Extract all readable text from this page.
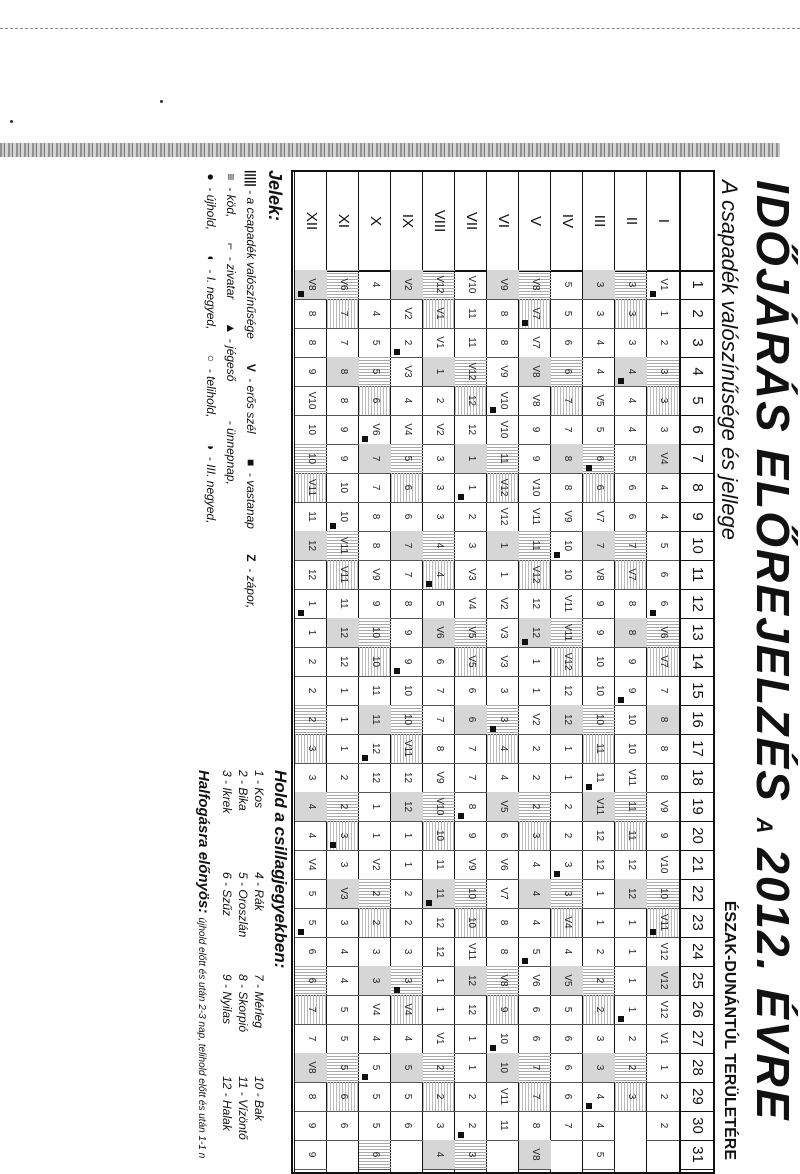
IDŐJÁRÁS ELŐREJELZÉS A 2012. ÉVRE
A csapadék valószínűsége és jellege
ÉSZAK-DUNÁNTÚL TERÜLETÉRE
1
2
3
4
5
6
7
8
9
10
11
12
13
14
15
16
17
18
19
20
21
22
23
24
25
26
27
28
29
30
31
I
V1
1
2
3
3
3
V4
4
4
5
6
6
V6
V7
7
8
8
8
V9
9
V10
10
V11
V12
V12
V12
V1
1
2
2
II
3
3
3
4
4
4
5
6
6
7
V7
8
8
9
9
10
10
V11
11
11
12
12
1
1
1
1
2
2
3
III
3
3
4
4
V5
5
6
6
V7
7
V8
9
9
10
10
10
11
11
V11
12
12
1
1
2
2
2
3
3
4
4
5
IV
5
5
6
6
7
7
8
8
V9
10
10
V11
V11
V12
12
12
1
1
2
2
3
3
V4
4
V5
5
6
6
6
7
V
V8
V7
V7
V8
V8
9
9
V10
V11
11
V12
12
12
1
1
V2
2
2
2
3
4
4
4
5
V6
6
6
7
7
8
V8
VI
V9
8
8
V9
V10
V10
11
V12
V12
1
1
V2
V3
V3
3
3
4
4
V5
6
V6
V7
8
8
V8
9
10
10
V11
11
VII
V10
11
11
V12
12
12
1
1
2
3
V3
V4
V5
V5
6
6
7
7
8
9
V9
10
10
V11
12
12
1
1
2
2
3
VIII
V12
V1
V1
1
2
V2
3
3
3
4
4
5
V6
6
7
7
8
V9
V10
10
11
11
12
12
1
1
V1
2
2
3
4
IX
V2
V2
2
V3
4
V4
5
6
6
7
7
8
9
9
10
10
V11
12
12
1
1
2
2
3
3
V4
4
5
5
6
X
4
4
5
5
6
V6
7
7
8
8
V9
9
10
10
11
11
12
12
1
1
V2
2
2
3
3
V4
4
5
5
5
6
XI
V6
7
7
8
8
9
9
10
10
V11
V11
11
12
12
1
1
1
2
2
3
3
V3
3
4
4
5
5
5
6
6
XII
V8
8
8
9
V10
10
10
V11
11
12
12
1
1
2
2
2
3
3
4
4
V4
5
5
6
6
7
7
V8
8
9
9
Jelek:
||||| - a csapadék valószínűsége
V - erős szél
■ - vastanap
Z - zápor,
≡ - köd,
⌐ - zivatar
▲ - jégeső
- ünnepnap,
● - újhold,
◐ - I. negyed,
○ - telihold,
◑ - III. negyed,
Hold a csillagjegyekben:
1 - Kos
4 - Rák
7 - Mérleg
10 - Bak
2 - Bika
5 - Oroszlán
8 - Skorpió
11 - Vízöntő
3 - Ikrek
6 - Szűz
9 - Nyilas
12 - Halak
Halfogásra előnyös: újhold előtt és után 2-3 nap, telihold előtt és után 1-1 n
